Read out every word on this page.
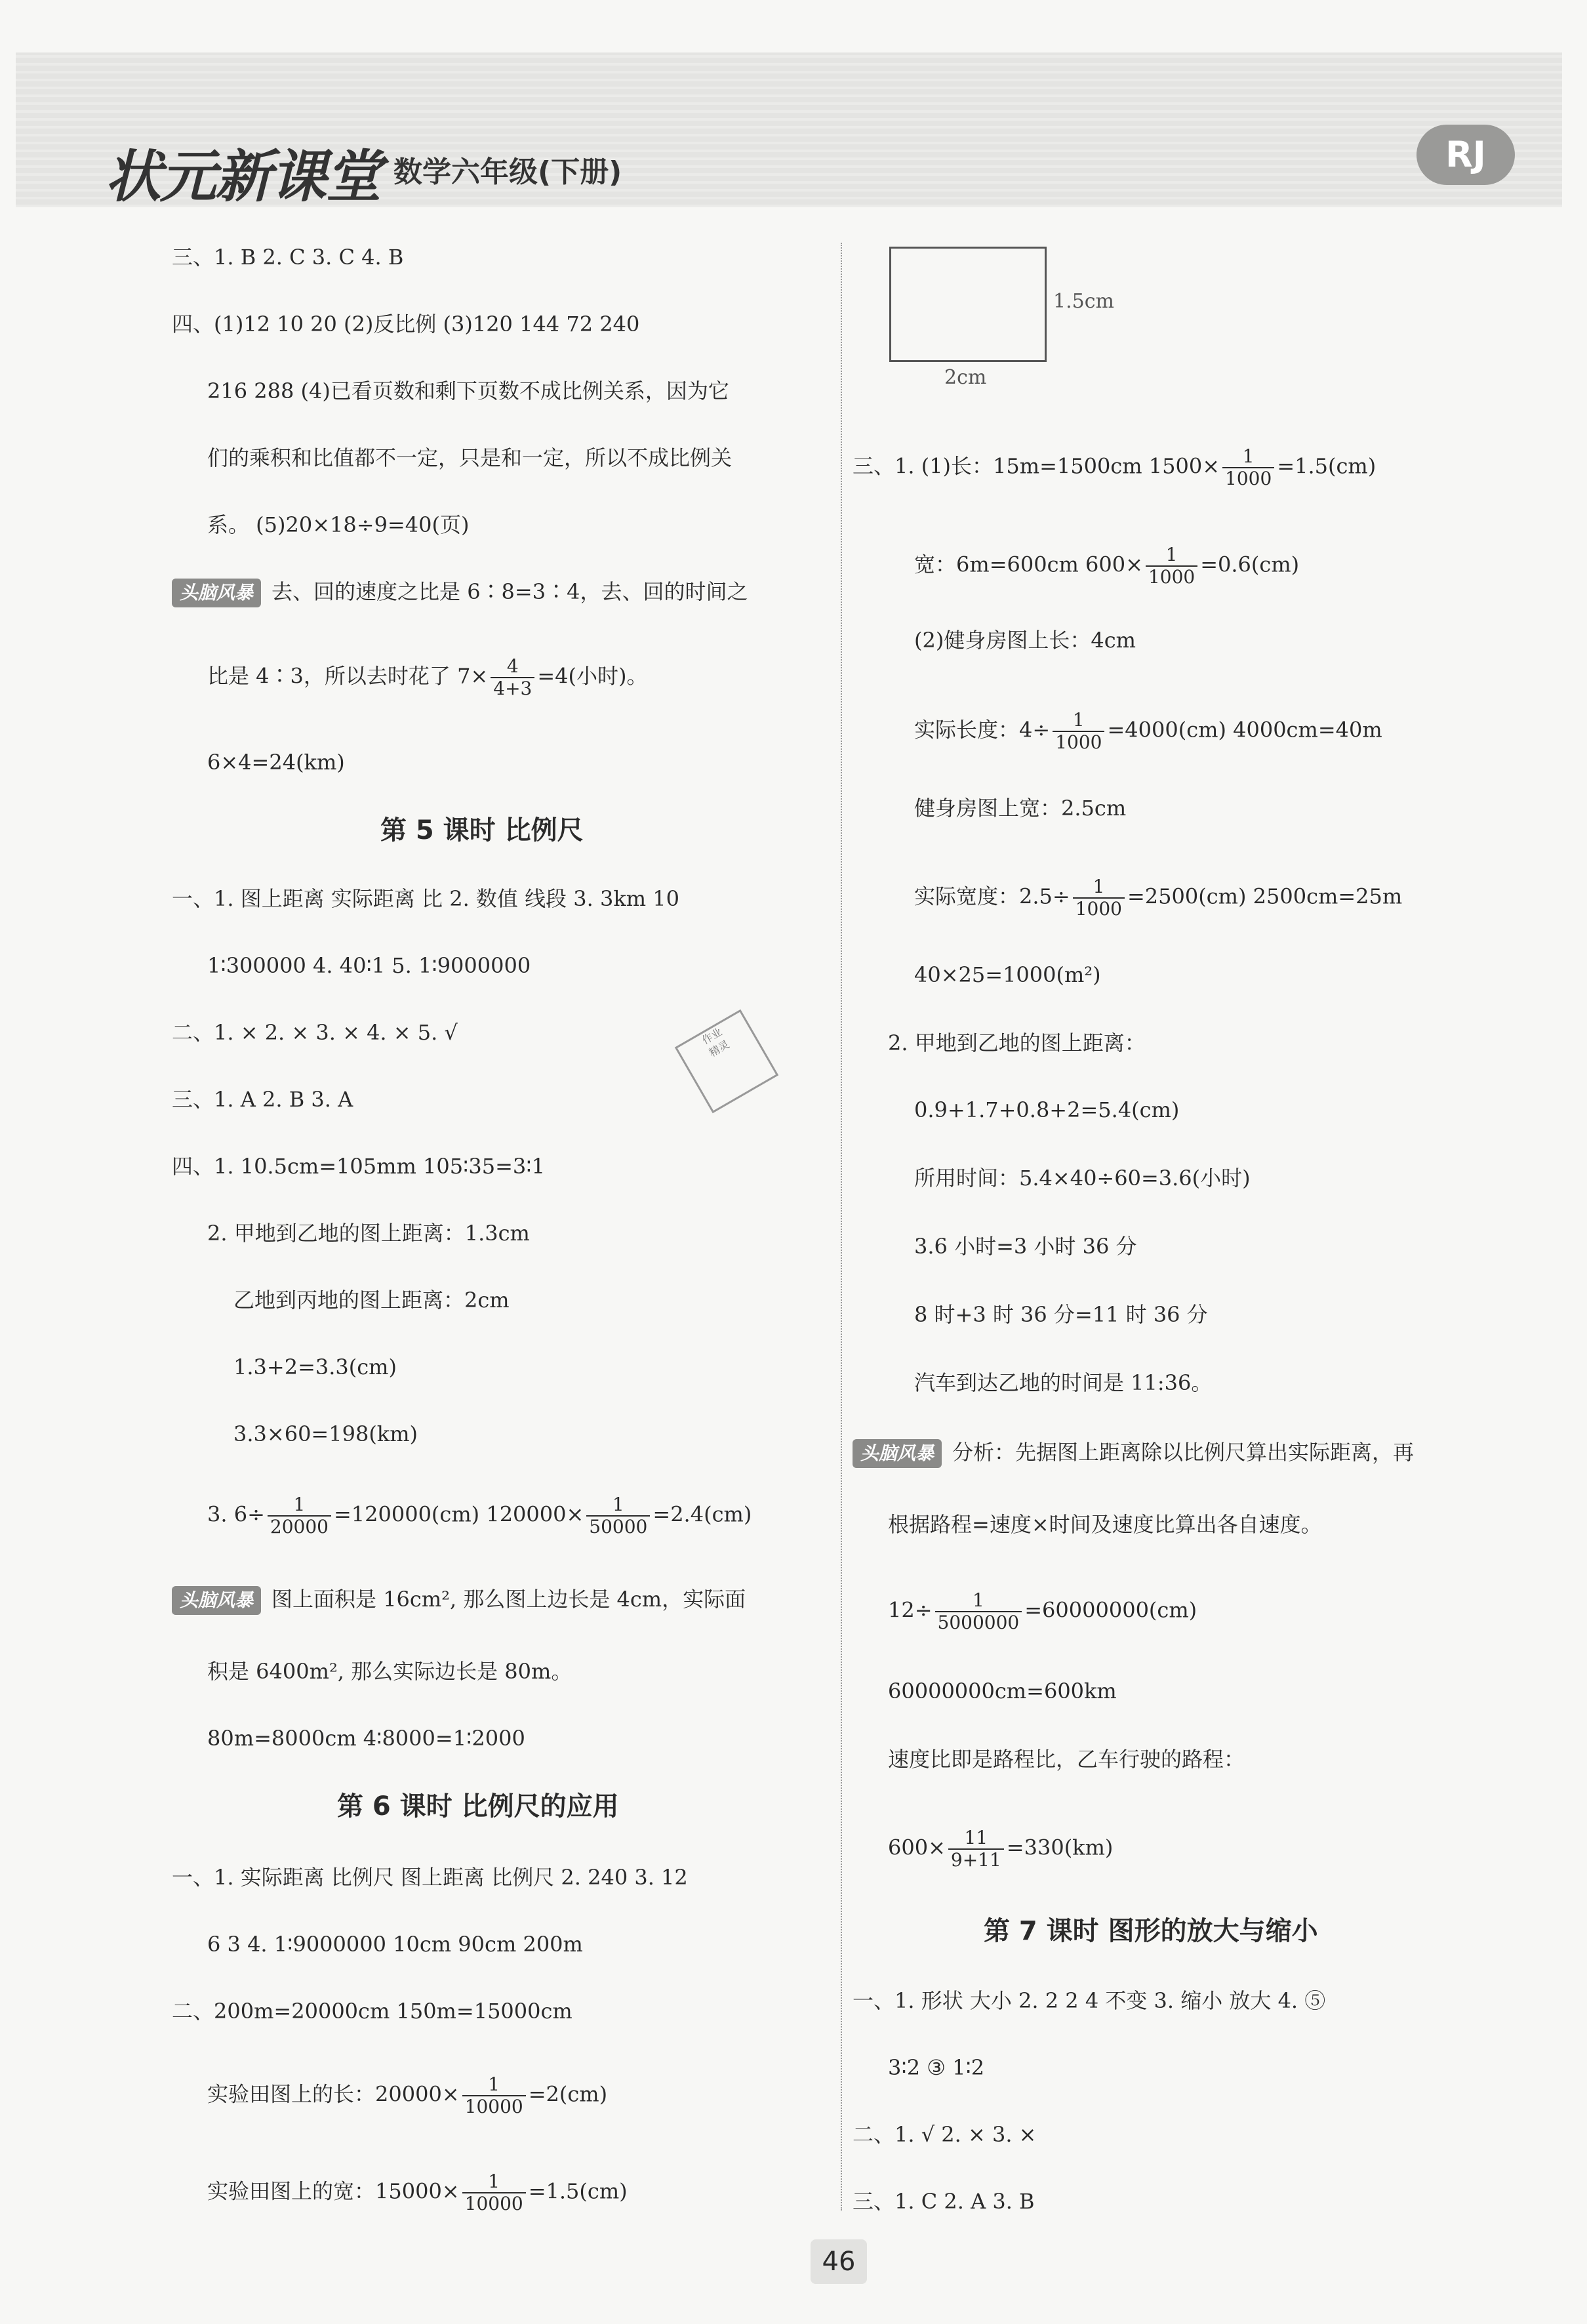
状元新课堂 数学六年级(下册)	RJ
三、1. B 2. C 3. C 4. B
四、(1)12 10 20 (2)反比例 (3)120 144 72 240
216 288 (4)已看页数和剩下页数不成比例关系，因为它
们的乘积和比值都不一定，只是和一定，所以不成比例关
系。 (5)20×18÷9=40(页)
头脑风暴 去、回的速度之比是 6∶8=3∶4，去、回的时间之
比是 4∶3，所以去时花了 $7\times \frac{4}{4+3} =4$(小时)。
6×4=24(km)
第 5 课时 比例尺
一、1. 图上距离 实际距离 比 2. 数值 线段 3. 3km 10
1∶300000 4. 40∶1 5. 1∶9000000
二、1. × 2. × 3. × 4. × 5. √
三、1. A 2. B 3. A
四、1. 10.5cm=105mm 105∶35=3∶1
2. 甲地到乙地的图上距离：1.3cm
乙地到丙地的图上距离：2cm
1.3+2=3.3(cm)
3.3×60=198(km)
3. $6\div \frac{1}{20000} =120000(cm)$ $120000\times \frac{1}{50000} =2.4(cm)$
头脑风暴 图上面积是 16cm², 那么图上边长是 4cm，实际面
积是 6400m², 那么实际边长是 80m。
80m=8000cm 4∶8000=1∶2000
第 6 课时 比例尺的应用
一、1. 实际距离 比例尺 图上距离 比例尺 2. 240 3. 12
6 3 4. 1∶9000000 10cm 90cm 200m
二、200m=20000cm 150m=15000cm
实验田图上的长：$20000\times \frac{1}{10000} =2(cm)$
实验田图上的宽：$15000\times \frac{1}{10000} =1.5(cm)$
作业
精灵
1.5cm
2cm
三、1. (1)长：15m=1500cm $1500\times \frac{1}{1000} =1.5(cm)$
宽：6m=600cm $600\times \frac{1}{1000} =0.6(cm)$
(2)健身房图上长：4cm
实际长度：$4\div \frac{1}{1000} =4000(cm)$ 4000cm=40m
健身房图上宽：2.5cm
实际宽度：$2.5\div \frac{1}{1000} =2500(cm)$ 2500cm=25m
40×25=1000(m²)
2. 甲地到乙地的图上距离：
0.9+1.7+0.8+2=5.4(cm)
所用时间：5.4×40÷60=3.6(小时)
3.6 小时=3 小时 36 分
8 时+3 时 36 分=11 时 36 分
汽车到达乙地的时间是 11:36。
头脑风暴 分析：先据图上距离除以比例尺算出实际距离，再
根据路程=速度×时间及速度比算出各自速度。
$12\div \frac{1}{5000000} =60000000(cm)$
60000000cm=600km
速度比即是路程比，乙车行驶的路程：
$600\times \frac{11}{9+11} =330(km)$
第 7 课时 图形的放大与缩小
一、1. 形状 大小 2. 2 2 4 不变 3. 缩小 放大 4. ⑤
3∶2 ③ 1∶2
二、1. √ 2. × 3. ×
三、1. C 2. A 3. B
46
